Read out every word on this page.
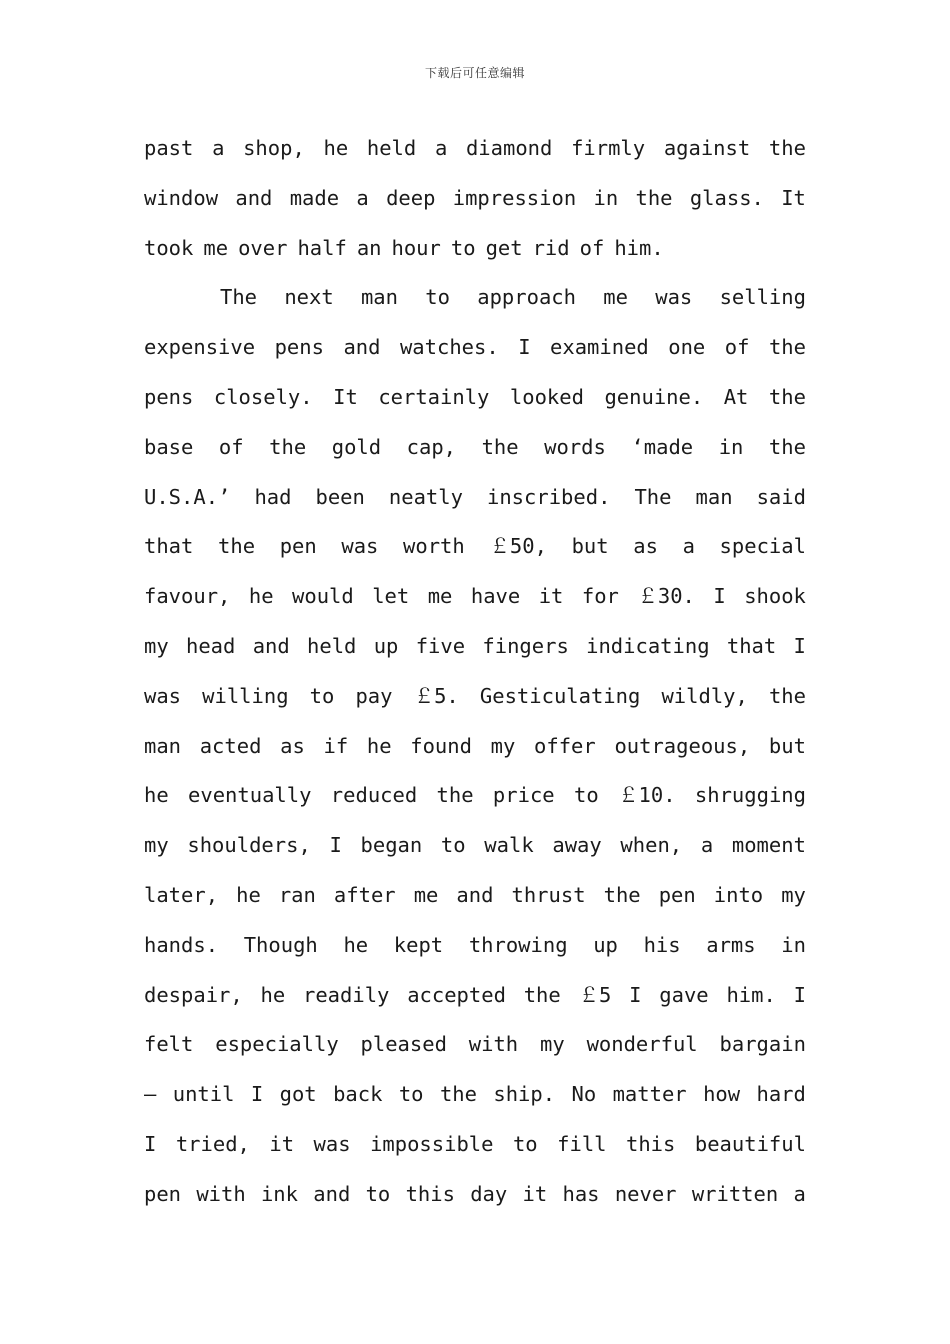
下载后可任意编辑
past a shop, he held a diamond firmly against the
window and made a deep impression in the glass. It
took me over half an hour to get rid of him.
The next man to approach me was selling
expensive pens and watches. I examined one of the
pens closely. It certainly looked genuine. At the
base of the gold cap, the words ‘made in the
U.S.A.’ had been neatly inscribed. The man said
that the pen was worth ￡50, but as a special
favour, he would let me have it for ￡30. I shook
my head and held up five fingers indicating that I
was willing to pay ￡5. Gesticulating wildly, the
man acted as if he found my offer outrageous, but
he eventually reduced the price to ￡10. shrugging
my shoulders, I began to walk away when, a moment
later, he ran after me and thrust the pen into my
hands. Though he kept throwing up his arms in
despair, he readily accepted the ￡5 I gave him. I
felt especially pleased with my wonderful bargain
— until I got back to the ship. No matter how hard
I tried, it was impossible to fill this beautiful
pen with ink and to this day it has never written a
